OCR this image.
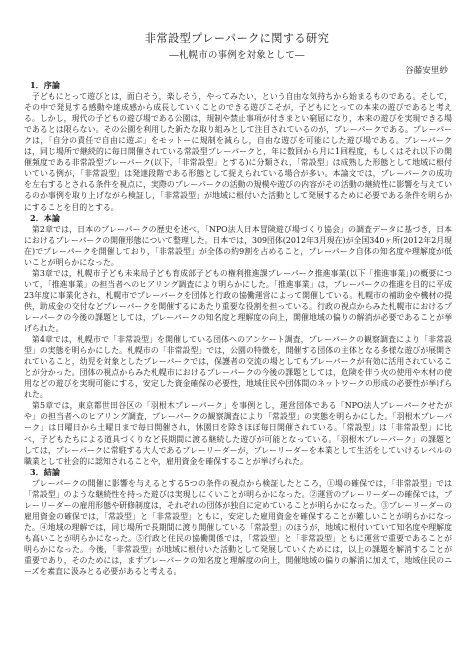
非常設型プレーパークに関する研究
―札幌市の事例を対象として―
谷藤安里紗
1．序論

子どもにとって遊びとは，面白そう，楽しそう，やってみたい，という自由な気持ちから始まるものである。そして，その中で発見する感動や達成感から成長していくことのできる遊びこそが，子どもにとっての本来の遊びであると考える。しかし，現代の子どもの遊び場である公園は，規制や禁止事項が付きまとい窮屈になり，本来の遊びを実現できる場であるとは限らない。その公園を利用した新たな取り組みとして注目されているのが，プレーパークである。プレーパークは，「自分の責任で自由に遊ぶ」をモットーに規制を減らし，自由な遊びを可能にした遊び場である。プレーパークは，同じ場所で継続的に毎日開催されている常設型プレーパークと，年に数回から月に1回程度，もしくはそれ以下の開催頻度である非常設型プレーパーク(以下，「非常設型」とする)に分類され，「常設型」は成熟した形態として地域に根付いている例が，「非常設型」は発達段階である形態として捉えられている場合が多い。本論文では，プレーパークの成功を左右するとされる条件を視点に，実際のプレーパークの活動の規模や遊びの内容がその活動の継続性に影響を与えているのか事例を取り上げながら検証し，「非常設型」が地域に根付いた活動として発展するために必要である条件を明らかにすることを目的とする。

2．本論

第2章では，日本のプレーパークの歴史を述べ，「NPO法人日本冒険遊び場づくり協会」の調査データに基づき，日本におけるプレーパークの開催形態について整理した。日本では，309団体(2012年3月現在)が全国340ヶ所(2012年2月現在)でプレーパークを開催しており，「非常設型」が全体の約9割を占めること，プレーパーク自体の知名度や理解度が低いことが明らかになった。

第3章では，札幌市子ども未来局子ども育成部子どもの権利推進課プレーパーク推進事業(以下「推進事業」)の概要について，「推進事業」の担当者へのヒアリング調査により明らかにした。「推進事業」は，プレーパークの推進を目的に平成23年度に事業化され，札幌市でプレーパークを団体と行政の協働運営によって開催している。札幌市の補助金や機材の提供，助成金の交付などプレーパークを開催するにあたり重要な役割を担っている。行政の視点からみた札幌市におけるプレーパークの今後の課題としては，プレーパークの知名度と理解度の向上，開催地域の偏りの解消が必要であることが挙げられた。

第4章では，札幌市で「非常設型」を開催している団体へのアンケート調査，プレーパークの観察調査により「非常設型」の実態を明らかにした。札幌市の「非常設型」では，公園の特徴を，開催する団体の主体となる多様な遊びが展開されていること，幼児を対象としたプレーパークでは，保護者の交流の場としてもプレーパークが有効に活用されていることが分かった。団体の視点からみた札幌市におけるプレーパークの今後の課題としては，危険を伴う火の使用や木材の使用などの遊びを実現可能にする，安定した資金確保の必要性，地域住民や団体間のネットワークの形成の必要性が挙げられた。

第5章では，東京都世田谷区の「羽根木プレーパーク」を事例とし，運営団体である「NPO法人プレーパークせたがや」の担当者へのヒアリング調査，プレーパークの観察調査により「常設型」の実態を明らかにした。「羽根木プレーパーク」は日曜日から土曜日まで毎日開催され，休園日を除きほぼ毎日開催されている。「常設型」は「非常設型」に比べ，子どもたちによる道具づくりなど長期間に渡る継続した遊びが可能となっている。「羽根木プレーパーク」の課題としては，プレーパークに常駐する大人であるプレーリーダーが，プレーリーダーを本業として生活をしていけるレベルの職業として社会的に認知されることや，雇用資金を確保することが挙げられた。

3．結論

プレーパークの開催に影響を与えるとする5つの条件の視点から検証したところ，①場の確保では，「非常設型」では「常設型」のような継続性を持った遊びは実現しにくいことが明らかになった。②運営のプレーリーダーの確保では，プレーリーダーの雇用形態や研修制度は，それぞれの団体が独自に定めていることが明らかになった。③プレーリーダーの雇用資金の確保では，「常設型」と「非常設型」ともに，安定した雇用資金を確保することが難しいことが明らかになった。④地域の理解では，同じ場所で長期間に渡り開催している「常設型」のほうが，地域に根付いていて知名度や理解度も高いことが明らかになった。⑤行政と住民の協働関係では，「常設型」と「非常設型」ともに運営で重要であることが明らかになった。今後，「非常設型」が地域に根付いた活動として発展していくためには，以上の課題を解消することが重要であり，そのためには，まずプレーパークの知名度と理解度の向上，開催地域の偏りの解消に加えて，地域住民のニーズを素直に汲みとる必要があると考える。
